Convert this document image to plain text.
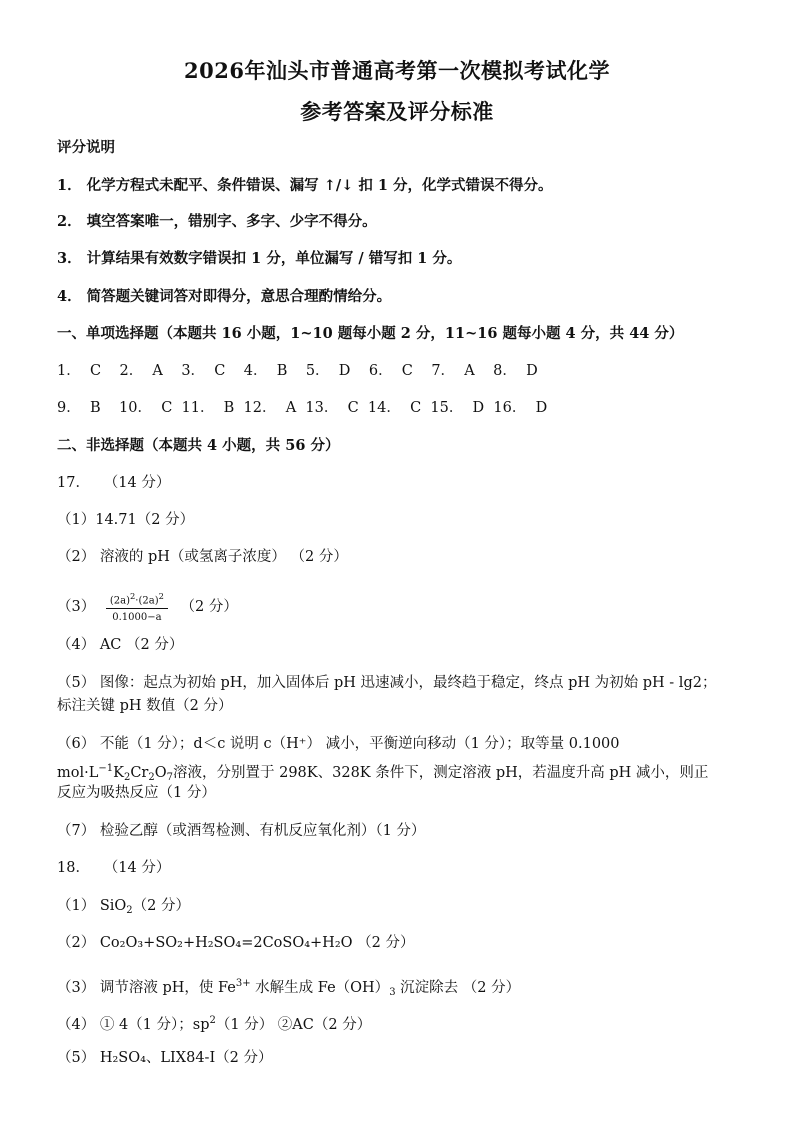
2026年汕头市普通高考第一次模拟考试化学
参考答案及评分标准
评分说明
1． 化学方程式未配平、条件错误、漏写 ↑/↓ 扣 1 分，化学式错误不得分。
2． 填空答案唯一，错别字、多字、少字不得分。
3． 计算结果有效数字错误扣 1 分，单位漏写 / 错写扣 1 分。
4． 简答题关键词答对即得分，意思合理酌情给分。
一、单项选择题（本题共 16 小题，1~10 题每小题 2 分，11~16 题每小题 4 分，共 44 分）
1．  C    2．  A    3．  C    4．  B    5．  D    6．  C    7．  A    8．  D
9．  B    10．  C  11．  B  12．  A  13．  C  14．  C  15．  D  16．  D
二、非选择题（本题共 4 小题，共 56 分）
17．   （14 分）
（1）14.71（2 分）
（2） 溶液的 pH（或氢离子浓度） （2 分）
$(3) \frac{(2a)^2\cdot(2a)^2}{0.1000-a} (2$ 分）
（4） AC （2 分）
（5） 图像：起点为初始 pH，加入固体后 pH 迅速减小，最终趋于稳定，终点 pH 为初始 pH - lg2；
标注关键 pH 数值（2 分）
（6） 不能（1 分）；d＜c 说明 c（H⁺） 减小，平衡逆向移动（1 分）；取等量 0.1000
$mol\cdot L^{-1}K_2Cr_2O_7$溶液，分别置于 298K、328K 条件下，测定溶液 pH，若温度升高 pH 减小，则正
反应为吸热反应（1 分）
（7） 检验乙醇（或酒驾检测、有机反应氧化剂）（1 分）
18．   （14 分）
（1） SiO$_2$（2 分）
（2） Co₂O₃+SO₂+H₂SO₄=2CoSO₄+H₂O （2 分）
（3） 调节溶液 pH，使 $Fe^{3+}$ 水解生成 $Fe(OH)_3$ 沉淀除去 （2 分）
（4） ① 4（1 分）；$sp^2(1$ 分） ②AC（2 分）
（5） H₂SO₄、LIX84-I（2 分）
